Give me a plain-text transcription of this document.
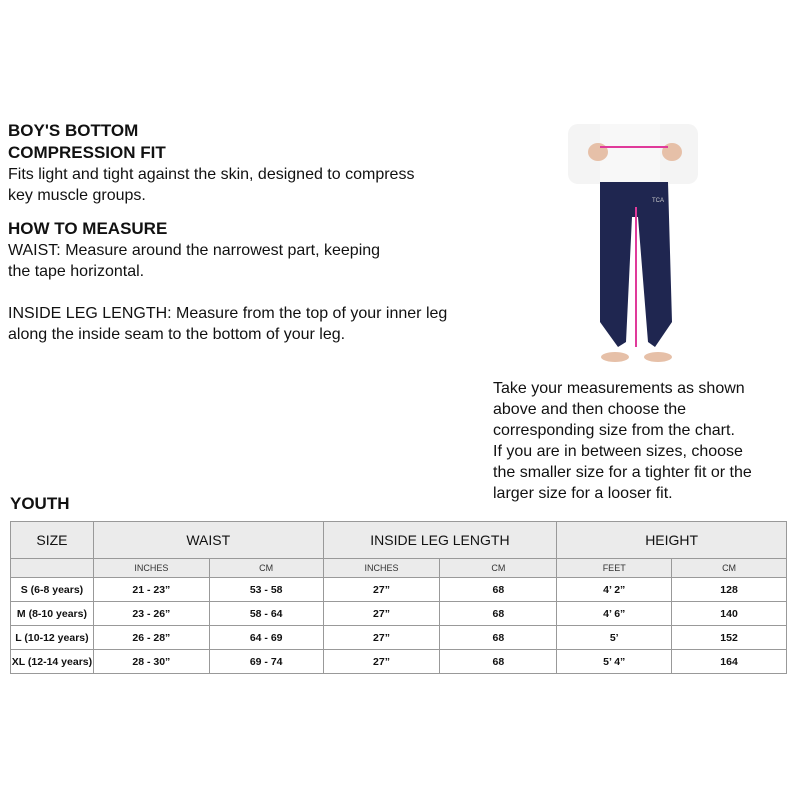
BOY'S BOTTOM
COMPRESSION FIT

Fits light and tight against the skin, designed to compress
key muscle groups.

HOW TO MEASURE

WAIST: Measure around the narrowest part, keeping
the tape horizontal.

INSIDE LEG LENGTH: Measure from the top of your inner leg
along the inside seam to the bottom of your leg.

TCA

Take your measurements as shown
above and then choose the
corresponding size from the chart.
If you are in between sizes, choose
the smaller size for a tighter fit or the
larger size for a looser fit.

YOUTH
SIZE	WAIST		INSIDE LEG LENGTH		HEIGHT	
	INCHES	CM	INCHES	CM	FEET	CM
S (6-8 years)	21 - 23”	53 - 58	27”	68	4’ 2”	128
M (8-10 years)	23 - 26”	58 - 64	27”	68	4’ 6”	140
L (10-12 years)	26 - 28”	64 - 69	27”	68	5’	152
XL (12-14 years)	28 - 30”	69 - 74	27”	68	5’ 4”	164
